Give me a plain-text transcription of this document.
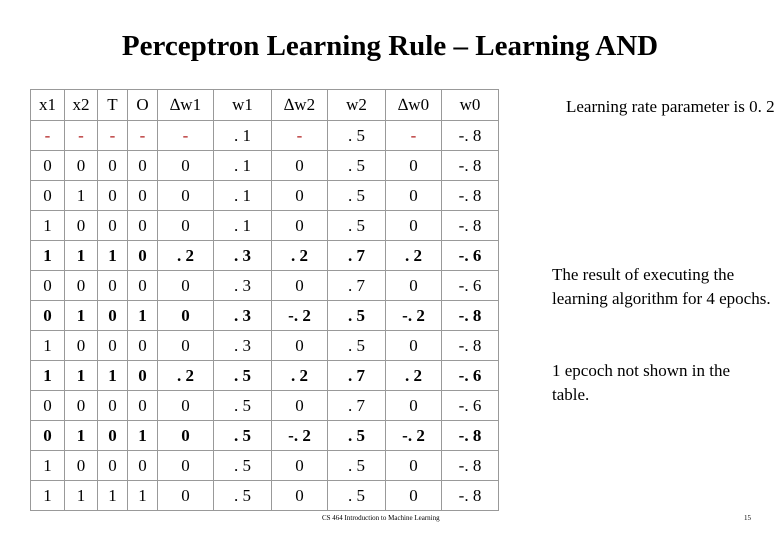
Perceptron Learning Rule – Learning AND
x1	x2	T	O	∆w1	w1	∆w2	w2	∆w0	w0
-	-	-	-	-	. 1	-	. 5	-	-. 8
0	0	0	0	0	. 1	0	. 5	0	-. 8
0	1	0	0	0	. 1	0	. 5	0	-. 8
1	0	0	0	0	. 1	0	. 5	0	-. 8
1	1	1	0	. 2	. 3	. 2	. 7	. 2	-. 6
0	0	0	0	0	. 3	0	. 7	0	-. 6
0	1	0	1	0	. 3	-. 2	. 5	-. 2	-. 8
1	0	0	0	0	. 3	0	. 5	0	-. 8
1	1	1	0	. 2	. 5	. 2	. 7	. 2	-. 6
0	0	0	0	0	. 5	0	. 7	0	-. 6
0	1	0	1	0	. 5	-. 2	. 5	-. 2	-. 8
1	0	0	0	0	. 5	0	. 5	0	-. 8
1	1	1	1	0	. 5	0	. 5	0	-. 8
Learning rate parameter is 0. 2
The result of executing the learning algorithm for 4 epochs.
1 epcoch not shown in the table.
CS 464 Introduction to Machine Learning	15
